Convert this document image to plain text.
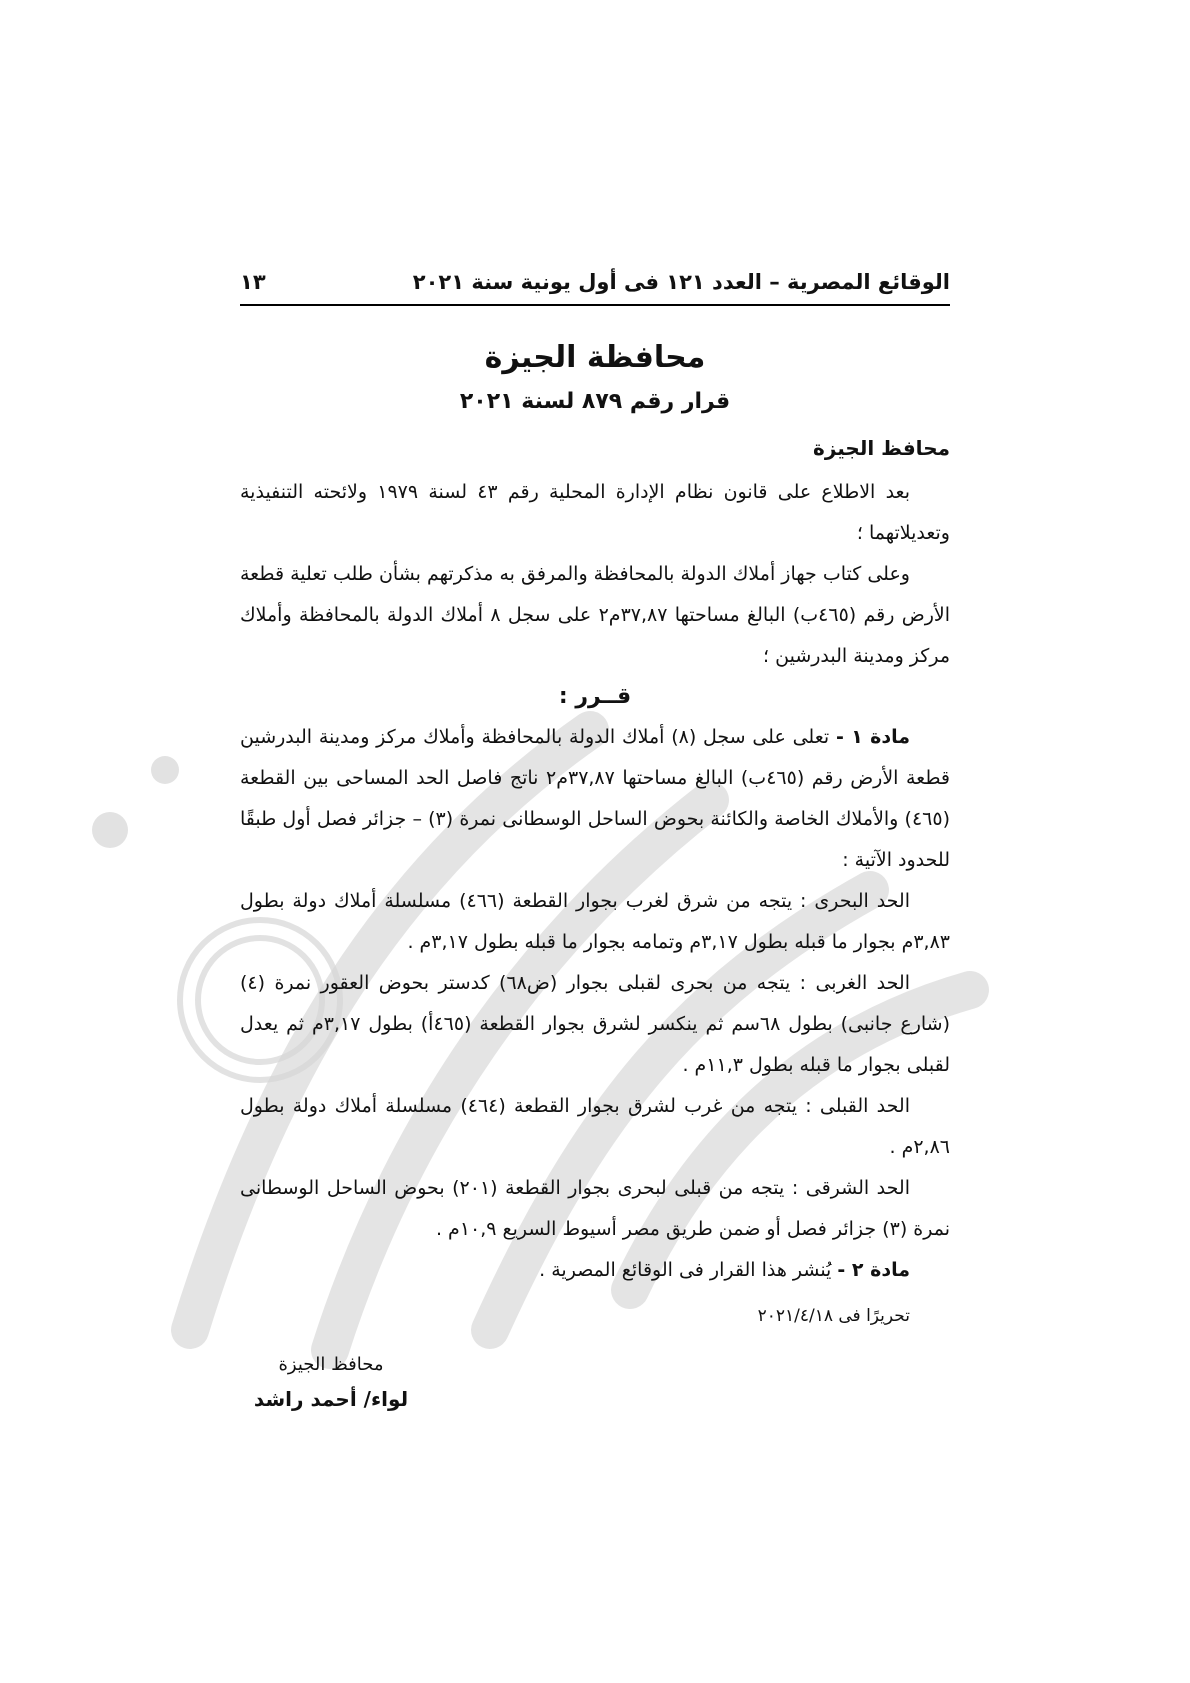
الوقائع المصرية – العدد ١٢١ فى أول يونية سنة ٢٠٢١
١٣
محافظة الجيزة
قرار رقم ٨٧٩ لسنة ٢٠٢١
محافظ الجيزة

بعد الاطلاع على قانون نظام الإدارة المحلية رقم ٤٣ لسنة ١٩٧٩ ولائحته التنفيذية وتعديلاتهما ؛

وعلى كتاب جهاز أملاك الدولة بالمحافظة والمرفق به مذكرتهم بشأن طلب تعلية قطعة الأرض رقم (٤٦٥ب) البالغ مساحتها ٣٧,٨٧م٢ على سجل ٨ أملاك الدولة بالمحافظة وأملاك مركز ومدينة البدرشين ؛

قــرر :

مادة ١ - تعلى على سجل (٨) أملاك الدولة بالمحافظة وأملاك مركز ومدينة البدرشين قطعة الأرض رقم (٤٦٥ب) البالغ مساحتها ٣٧,٨٧م٢ ناتج فاصل الحد المساحى بين القطعة (٤٦٥) والأملاك الخاصة والكائنة بحوض الساحل الوسطانى نمرة (٣) – جزائر فصل أول طبقًا للحدود الآتية :

الحد البحرى : يتجه من شرق لغرب بجوار القطعة (٤٦٦) مسلسلة أملاك دولة بطول ٣,٨٣م بجوار ما قبله بطول ٣,١٧م وتمامه بجوار ما قبله بطول ٣,١٧م .

الحد الغربى : يتجه من بحرى لقبلى بجوار (ض٦٨) كدستر بحوض العقور نمرة (٤) (شارع جانبى) بطول ٦٨سم ثم ينكسر لشرق بجوار القطعة (٤٦٥أ) بطول ٣,١٧م ثم يعدل لقبلى بجوار ما قبله بطول ١١,٣م .

الحد القبلى : يتجه من غرب لشرق بجوار القطعة (٤٦٤) مسلسلة أملاك دولة بطول ٢,٨٦م .

الحد الشرقى : يتجه من قبلى لبحرى بجوار القطعة (٢٠١) بحوض الساحل الوسطانى نمرة (٣) جزائر فصل أو ضمن طريق مصر أسيوط السريع ١٠,٩م .

مادة ٢ - يُنشر هذا القرار فى الوقائع المصرية .

تحريرًا فى ٢٠٢١/٤/١٨
محافظ الجيزة
لواء/ أحمد راشد
